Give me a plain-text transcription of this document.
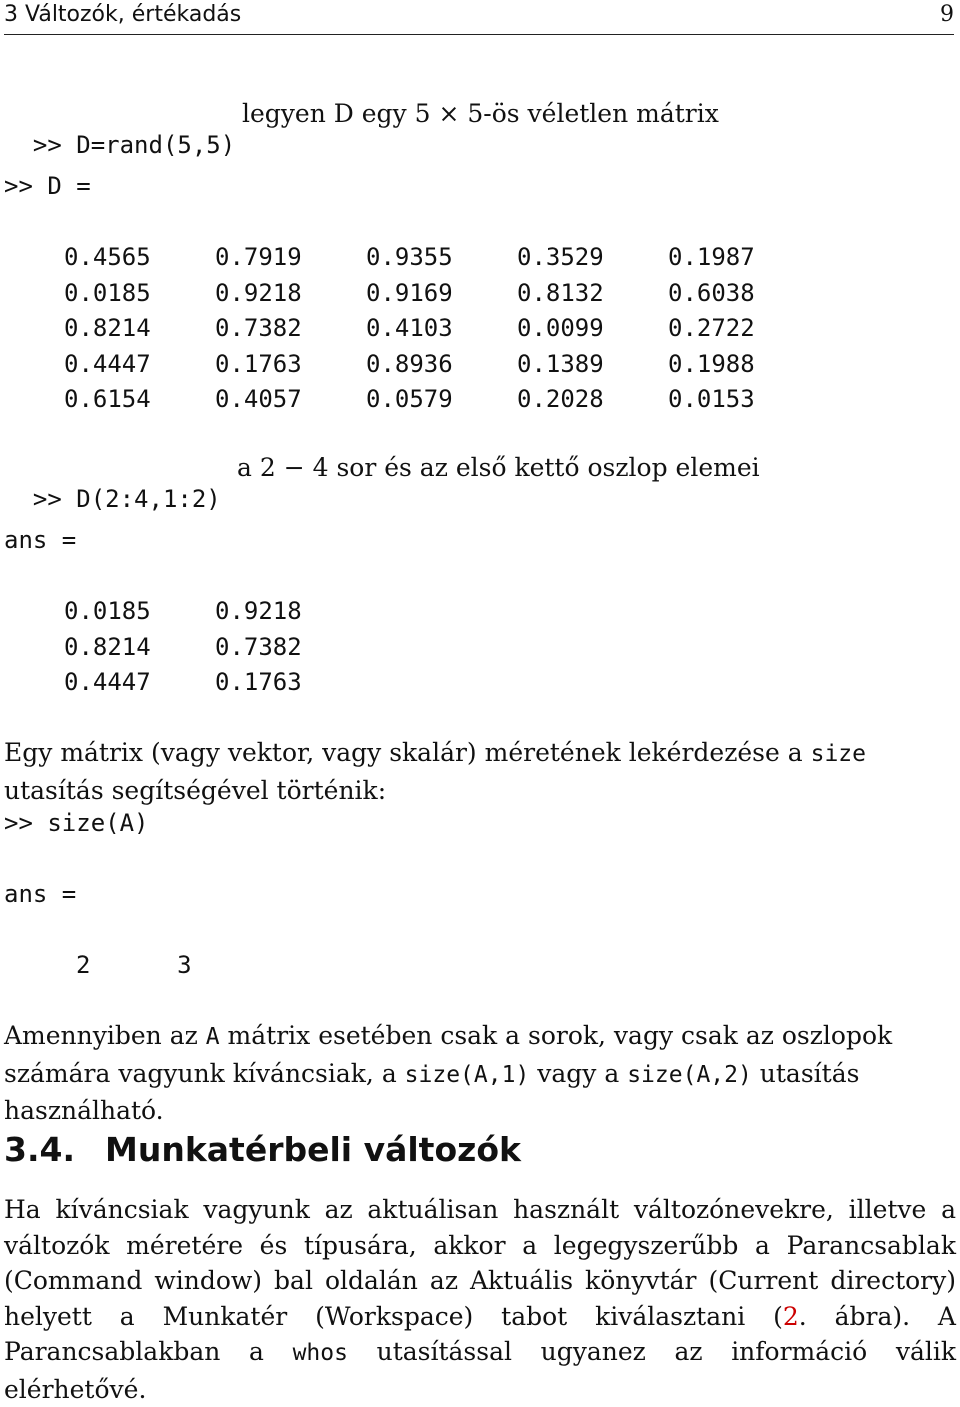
3 Változók, értékadás	9

>> D=rand(5,5)

legyen D egy 5 × 5-ös véletlen mátrix
>> D =
0.4565	0.7919	0.9355	0.3529	0.1987
0.0185	0.9218	0.9169	0.8132	0.6038
0.8214	0.7382	0.4103	0.0099	0.2722
0.4447	0.1763	0.8936	0.1389	0.1988
0.6154	0.4057	0.0579	0.2028	0.0153

>> D(2:4,1:2)

a 2 − 4 sor és az első kettő oszlop elemei
ans =
0.0185	0.9218
0.8214	0.7382
0.4447	0.1763
Egy mátrix (vagy vektor, vagy skalár) méretének lekérdezése a size utasítás segítségével történik:
>> size(A)
ans =
2	3
Amennyiben az A mátrix esetében csak a sorok, vagy csak az oszlopok számára vagyunk kíváncsiak, a size(A,1) vagy a size(A,2) utasítás használható.
3.4. Munkatérbeli változók
Ha kíváncsiak vagyunk az aktuálisan használt változónevekre, illetve a változók méretére és típusára, akkor a legegyszerűbb a Parancsablak (Command window) bal oldalán az Aktuális könyvtár (Current directory) helyett a Munkatér (Workspace) tabot kiválasztani (2. ábra). A Parancsablakban a whos utasítással ugyanez az információ válik elérhetővé.
